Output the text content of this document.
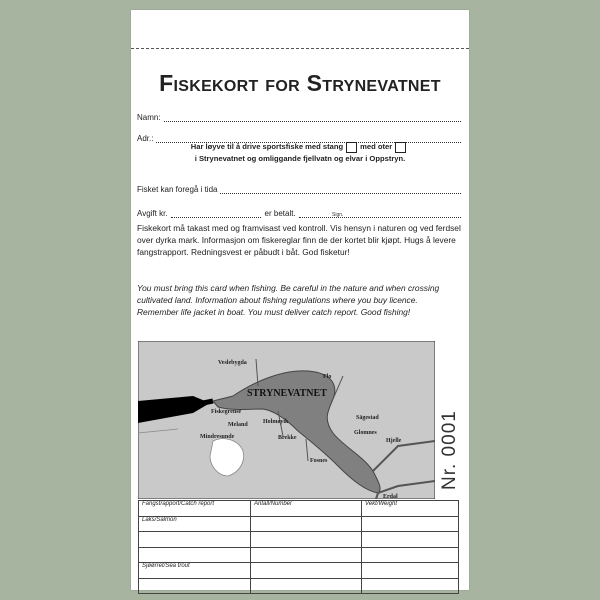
Fiskekort for Strynevatnet
Namn:
Adr.:
Har løyve til å drive sportsfiske med stang med oter
i Strynevatnet og omliggande fjellvatn og elvar i Oppstryn.
Fisket kan foregå i tida
Avgift kr.	er betalt.	Sign.

Fiskekort må takast med og framvisast ved kontroll. Vis hensyn i naturen og ved ferdsel over dyrka mark. Informasjon om fiskereglar finn de der kortet blir kjøpt. Hugs å levere fangstrapport. Redningsvest er påbudt i båt. God fisketur!

You must bring this card when fishing. Be careful in the nature and when crossing cultivated land. Information about fishing regulations where you buy licence. Remember life jacket in boat. You must deliver catch report. Good fishing!

Veslebygda
Flo
STRYNEVATNET
Fiskegrense
Meland	Holmøyik
Mindresunde	Brekke
Sägestad
Glomnes
Hjelle
Fosnes
Erdal
Nr. 0001
Fangstrapport/Catch report	Antall/Number	Vekt/Weight
Laks/Salmon		

Sjøørret/Sea trout		
